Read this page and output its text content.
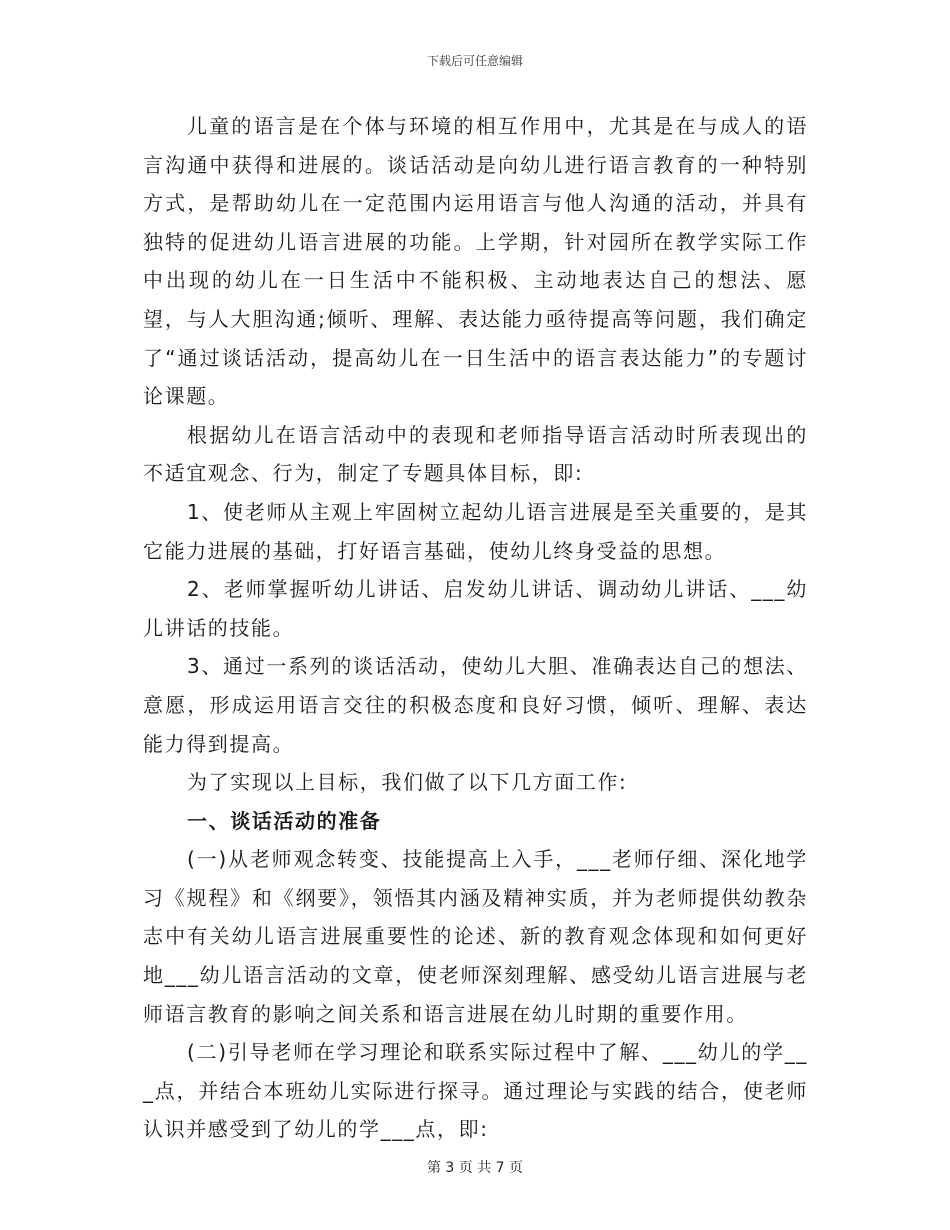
下载后可任意编辑

儿童的语言是在个体与环境的相互作用中，尤其是在与成人的语言沟通中获得和进展的。谈话活动是向幼儿进行语言教育的一种特别方式，是帮助幼儿在一定范围内运用语言与他人沟通的活动，并具有独特的促进幼儿语言进展的功能。上学期，针对园所在教学实际工作中出现的幼儿在一日生活中不能积极、主动地表达自己的想法、愿望，与人大胆沟通;倾听、理解、表达能力亟待提高等问题，我们确定了“通过谈话活动，提高幼儿在一日生活中的语言表达能力”的专题讨论课题。

根据幼儿在语言活动中的表现和老师指导语言活动时所表现出的不适宜观念、行为，制定了专题具体目标，即:

1、使老师从主观上牢固树立起幼儿语言进展是至关重要的，是其它能力进展的基础，打好语言基础，使幼儿终身受益的思想。

2、老师掌握听幼儿讲话、启发幼儿讲话、调动幼儿讲话、___幼儿讲话的技能。

3、通过一系列的谈话活动，使幼儿大胆、准确表达自己的想法、意愿，形成运用语言交往的积极态度和良好习惯，倾听、理解、表达能力得到提高。

为了实现以上目标，我们做了以下几方面工作:

一、谈话活动的准备

(一)从老师观念转变、技能提高上入手，___老师仔细、深化地学习《规程》和《纲要》，领悟其内涵及精神实质，并为老师提供幼教杂志中有关幼儿语言进展重要性的论述、新的教育观念体现和如何更好地___幼儿语言活动的文章，使老师深刻理解、感受幼儿语言进展与老师语言教育的影响之间关系和语言进展在幼儿时期的重要作用。

(二)引导老师在学习理论和联系实际过程中了解、___幼儿的学___点，并结合本班幼儿实际进行探寻。通过理论与实践的结合，使老师认识并感受到了幼儿的学___点，即:

第 3 页 共 7 页
